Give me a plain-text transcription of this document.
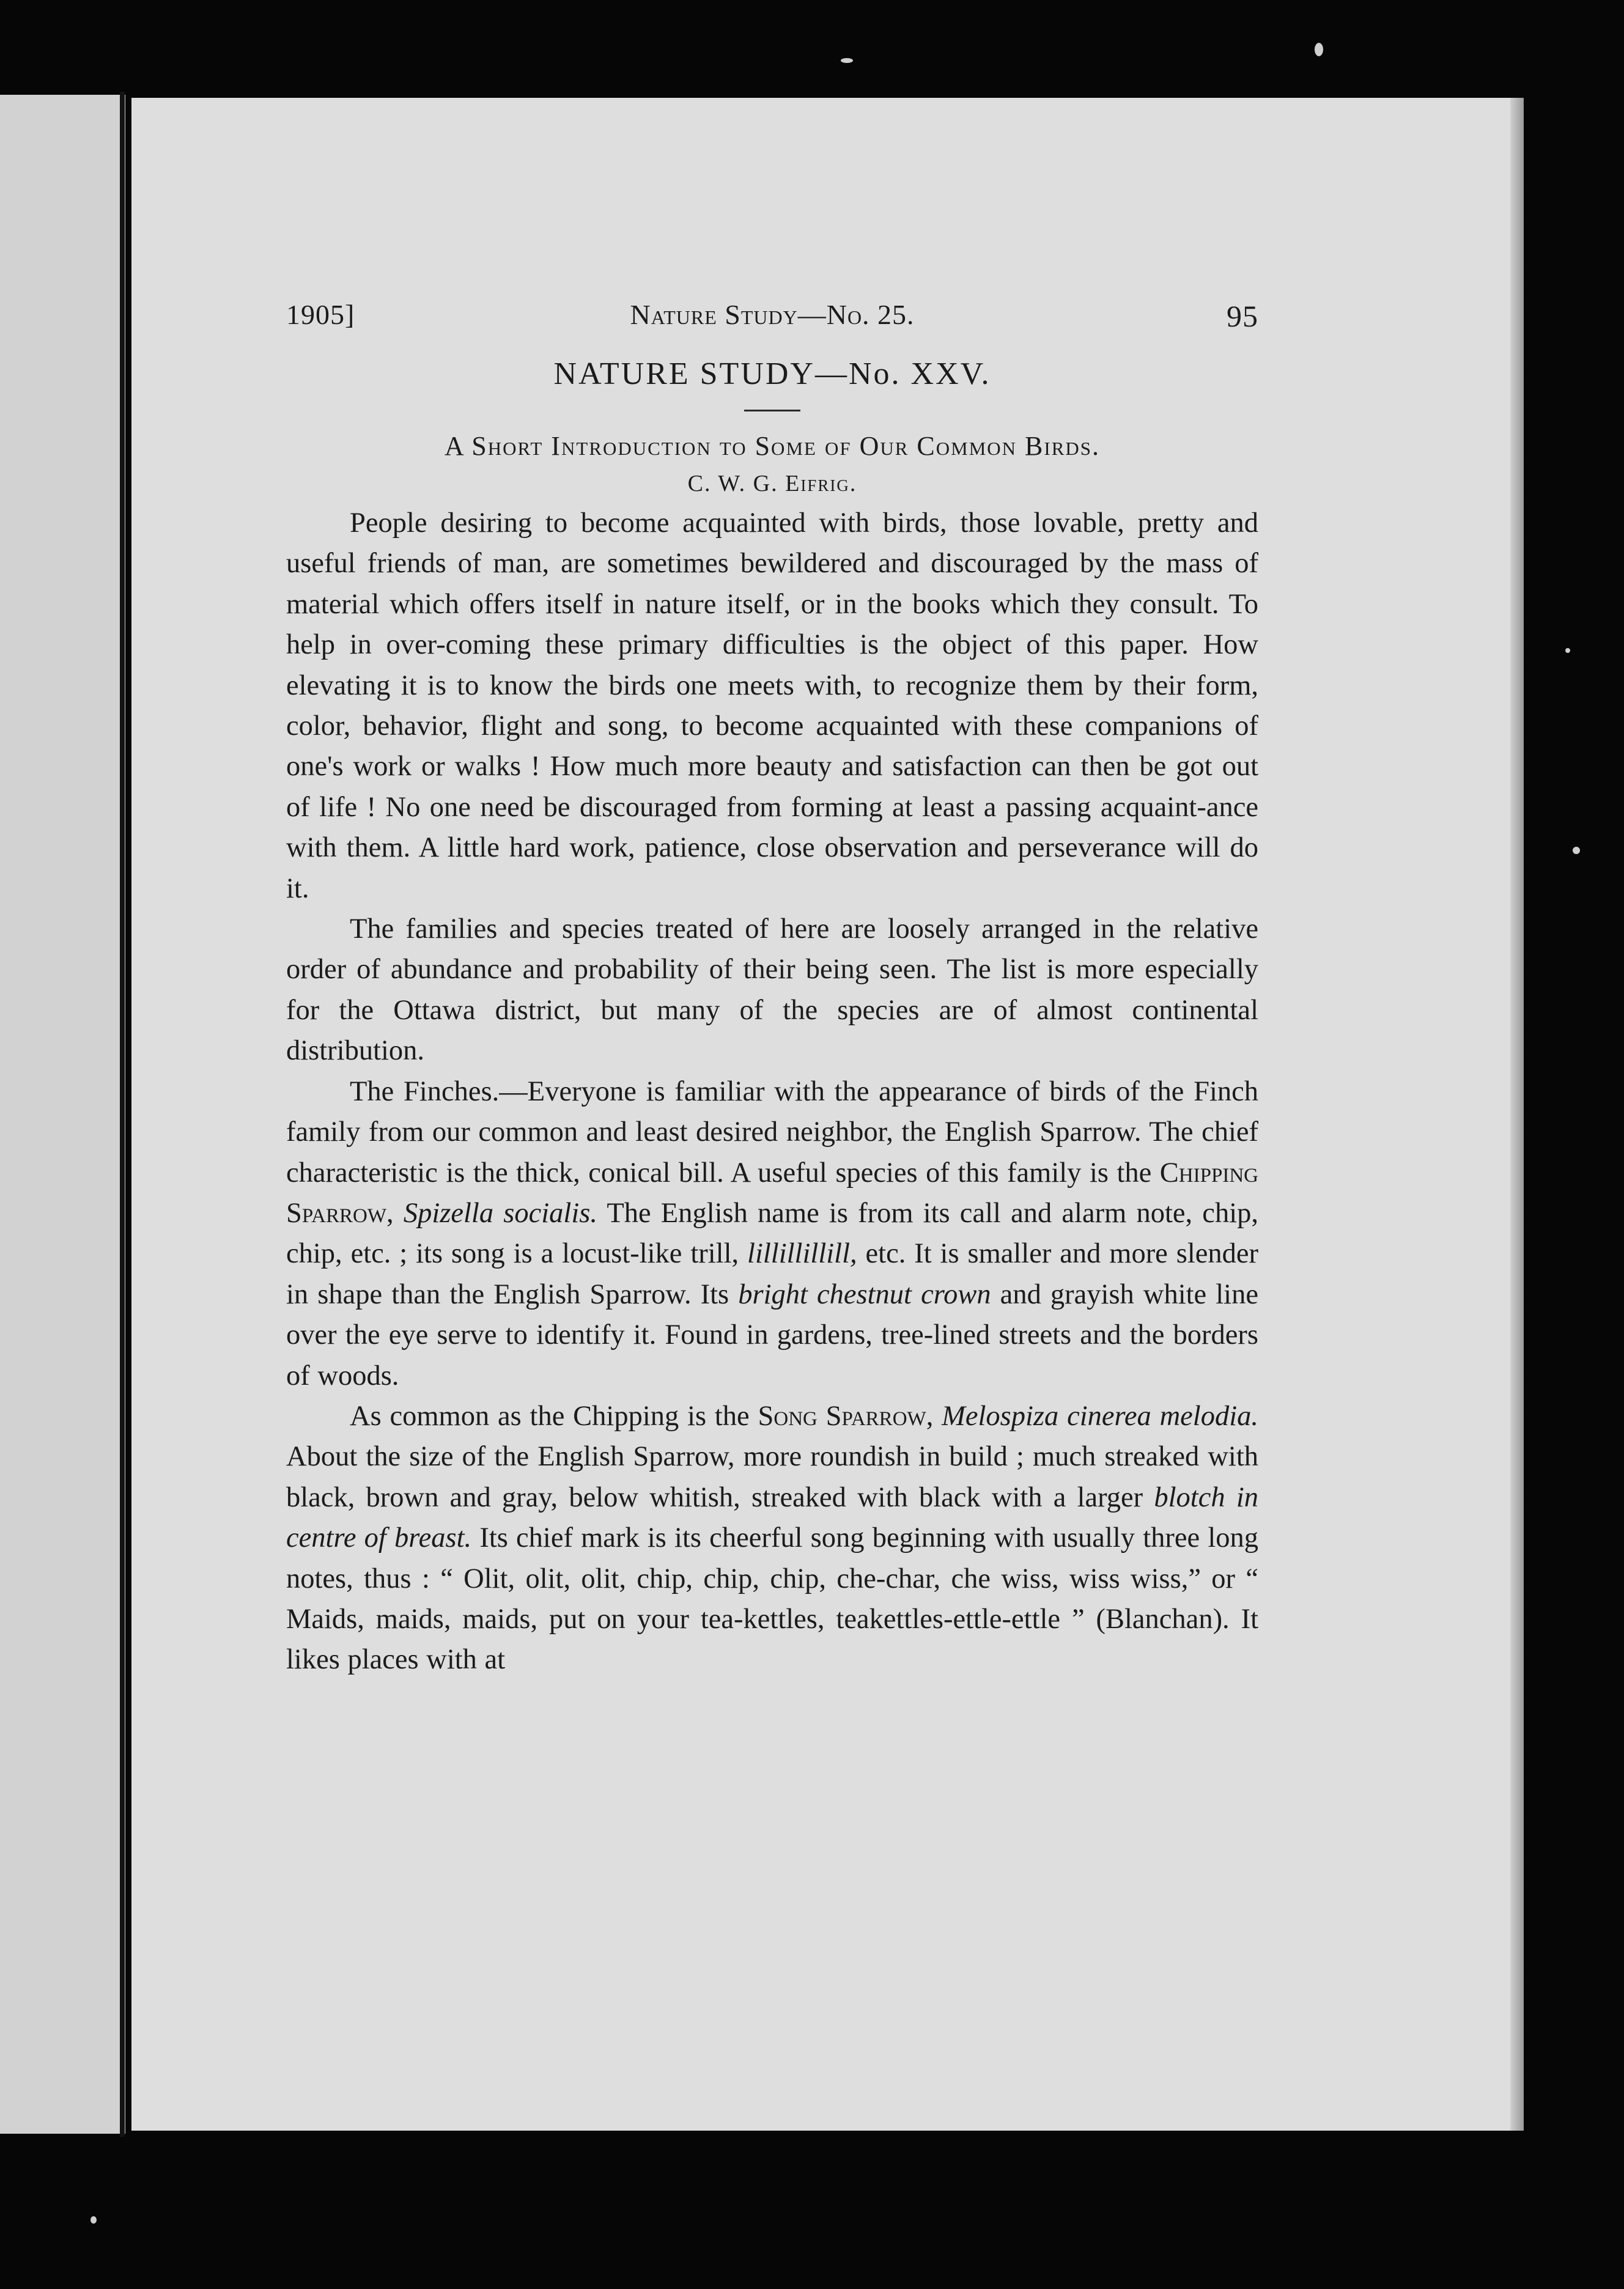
1905]	Nature Study—No. 25.	95
NATURE STUDY—No. XXV.
A Short Introduction to Some of Our Common Birds.
C. W. G. Eifrig.

People desiring to become acquainted with birds, those lovable, pretty and useful friends of man, are sometimes bewildered and discouraged by the mass of material which offers itself in nature itself, or in the books which they consult. To help in over-coming these primary difficulties is the object of this paper. How elevating it is to know the birds one meets with, to recognize them by their form, color, behavior, flight and song, to become acquainted with these companions of one's work or walks ! How much more beauty and satisfaction can then be got out of life ! No one need be discouraged from forming at least a passing acquaint-ance with them. A little hard work, patience, close observation and perseverance will do it.

The families and species treated of here are loosely arranged in the relative order of abundance and probability of their being seen. The list is more especially for the Ottawa district, but many of the species are of almost continental distribution.

The Finches.—Everyone is familiar with the appearance of birds of the Finch family from our common and least desired neighbor, the English Sparrow. The chief characteristic is the thick, conical bill. A useful species of this family is the Chipping Sparrow, Spizella socialis. The English name is from its call and alarm note, chip, chip, etc. ; its song is a locust-like trill, lillillillill, etc. It is smaller and more slender in shape than the English Sparrow. Its bright chestnut crown and grayish white line over the eye serve to identify it. Found in gardens, tree-lined streets and the borders of woods.

As common as the Chipping is the Song Sparrow, Melospiza cinerea melodia. About the size of the English Sparrow, more roundish in build ; much streaked with black, brown and gray, below whitish, streaked with black with a larger blotch in centre of breast. Its chief mark is its cheerful song beginning with usually three long notes, thus : “ Olit, olit, olit, chip, chip, chip, che-char, che wiss, wiss wiss,” or “ Maids, maids, maids, put on your tea-kettles, teakettles-ettle-ettle ” (Blanchan). It likes places with at
